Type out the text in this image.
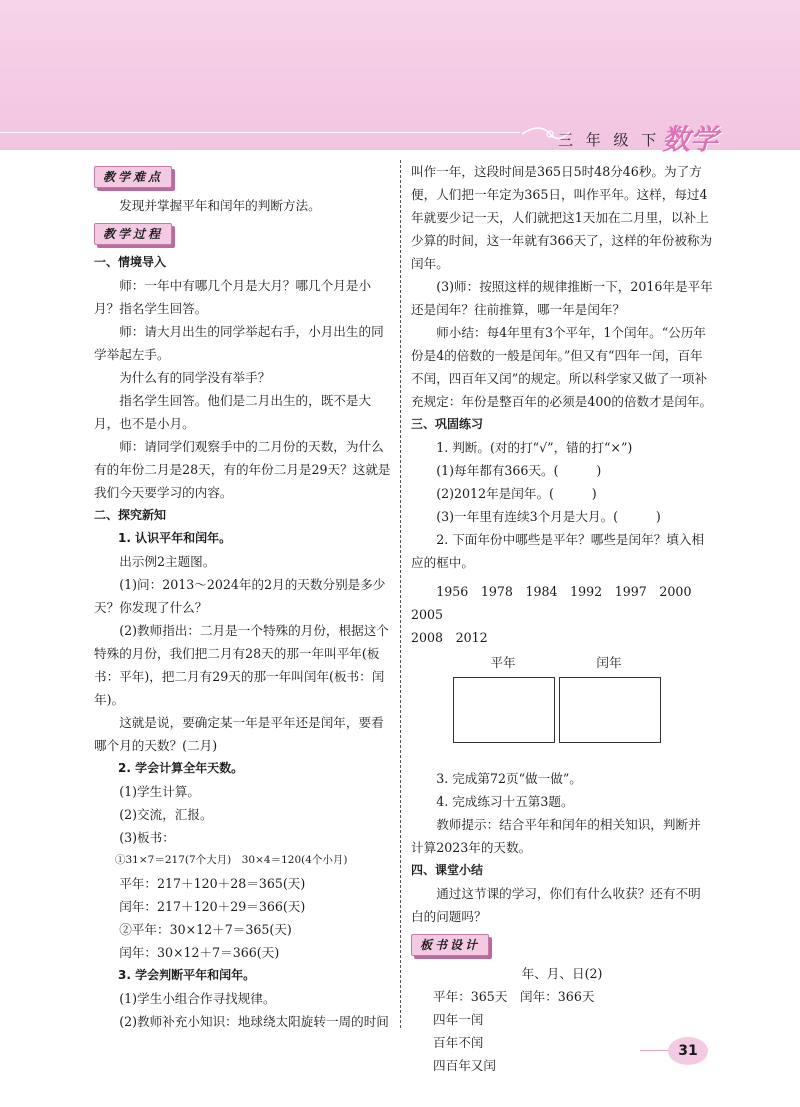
三 年 级 下 数学
教学难点

发现并掌握平年和闰年的判断方法。

教学过程

一、情境导入

师：一年中有哪几个月是大月？哪几个月是小月？指名学生回答。

师：请大月出生的同学举起右手，小月出生的同学举起左手。

为什么有的同学没有举手？

指名学生回答。他们是二月出生的，既不是大月，也不是小月。

师：请同学们观察手中的二月份的天数，为什么有的年份二月是28天，有的年份二月是29天？这就是我们今天要学习的内容。

二、探究新知

1. 认识平年和闰年。

出示例2主题图。

(1)问：2013～2024年的2月的天数分别是多少天？你发现了什么？

(2)教师指出：二月是一个特殊的月份，根据这个特殊的月份，我们把二月有28天的那一年叫平年(板书：平年)，把二月有29天的那一年叫闰年(板书：闰年)。

这就是说，要确定某一年是平年还是闰年，要看哪个月的天数？(二月)

2. 学会计算全年天数。

(1)学生计算。

(2)交流，汇报。

(3)板书：

①31×7＝217(7个大月)　30×4＝120(4个小月)

平年：217＋120＋28＝365(天)

闰年：217＋120＋29＝366(天)

②平年：30×12＋7＝365(天)

闰年：30×12＋7＝366(天)

3. 学会判断平年和闰年。

(1)学生小组合作寻找规律。

(2)教师补充小知识：地球绕太阳旋转一周的时间

叫作一年，这段时间是365日5时48分46秒。为了方便，人们把一年定为365日，叫作平年。这样，每过4年就要少记一天，人们就把这1天加在二月里，以补上少算的时间，这一年就有366天了，这样的年份被称为闰年。

(3)师：按照这样的规律推断一下，2016年是平年还是闰年？往前推算，哪一年是闰年？

师小结：每4年里有3个平年，1个闰年。“公历年份是4的倍数的一般是闰年。”但又有“四年一闰，百年不闰，四百年又闰”的规定。所以科学家又做了一项补充规定：年份是整百年的必须是400的倍数才是闰年。

三、巩固练习

1. 判断。(对的打“√”，错的打“×”)

(1)每年都有366天。(　　　)

(2)2012年是闰年。(　　　)

(3)一年里有连续3个月是大月。(　　　)

2. 下面年份中哪些是平年？哪些是闰年？填入相应的框中。

1956　1978　1984　1992　1997　2000　2005

2008　2012

平年	闰年

3. 完成第72页“做一做”。

4. 完成练习十五第3题。

教师提示：结合平年和闰年的相关知识，判断并计算2023年的天数。

四、课堂小结

通过这节课的学习，你们有什么收获？还有不明白的问题吗？

板书设计

年、月、日(2)

平年：365天　闰年：366天

四年一闰

百年不闰

四百年又闰

31
